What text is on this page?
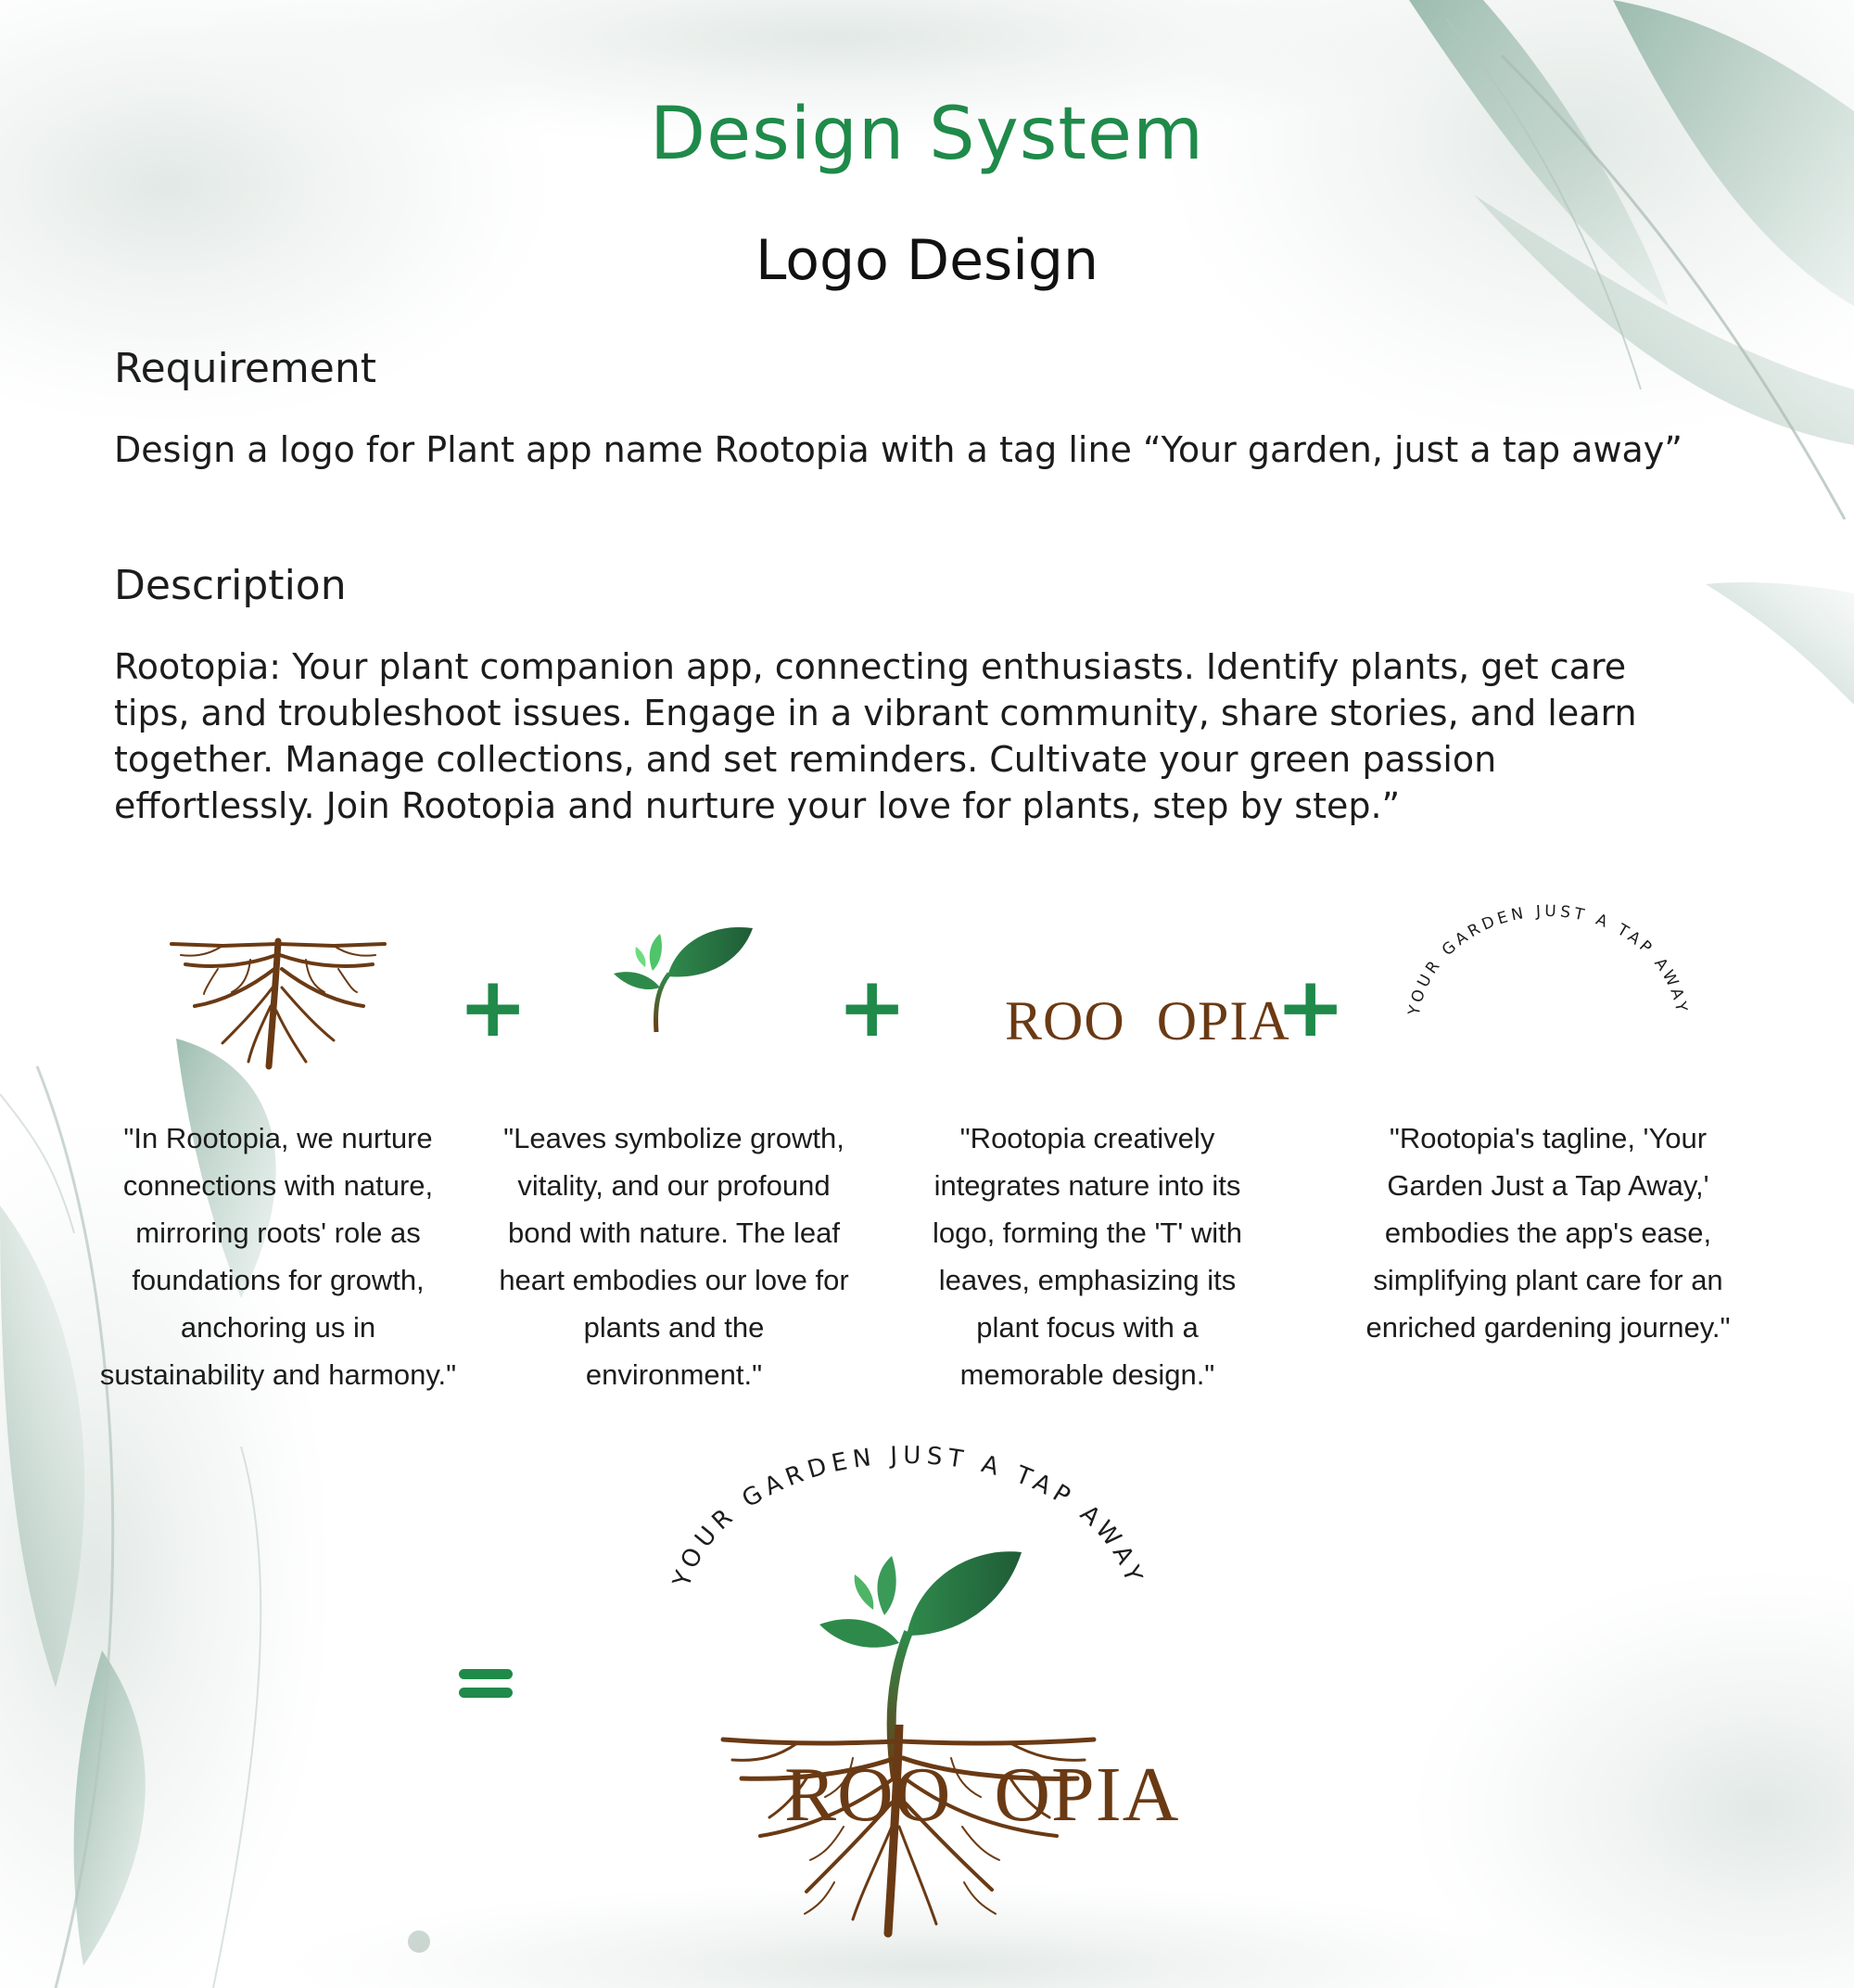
Design System
Logo Design
Requirement

Design a logo for Plant app name Rootopia with a tag line “Your garden, just a tap away”

Description
Rootopia: Your plant companion app, connecting enthusiasts. Identify plants, get care
tips, and troubleshoot issues. Engage in a vibrant community, share stories, and learn
together. Manage collections, and set reminders. Cultivate your green passion
effortlessly. Join Rootopia and nurture your love for plants, step by step.”

ROO OPIA
	YOUR GARDEN JUST A TAP AWAY
+	+	+
"In Rootopia, we nurture
connections with nature,
mirroring roots' role as
foundations for growth,
anchoring us in
sustainability and harmony."
"Leaves symbolize growth,
vitality, and our profound
bond with nature. The leaf
heart embodies our love for
plants and the
environment."
"Rootopia creatively
integrates nature into its
logo, forming the 'T' with
leaves, emphasizing its
plant focus with a
memorable design."
"Rootopia's tagline, 'Your
Garden Just a Tap Away,'
embodies the app's ease,
simplifying plant care for an
enriched gardening journey."
YOUR GARDEN JUST A TAP AWAY

ROO OPIA
